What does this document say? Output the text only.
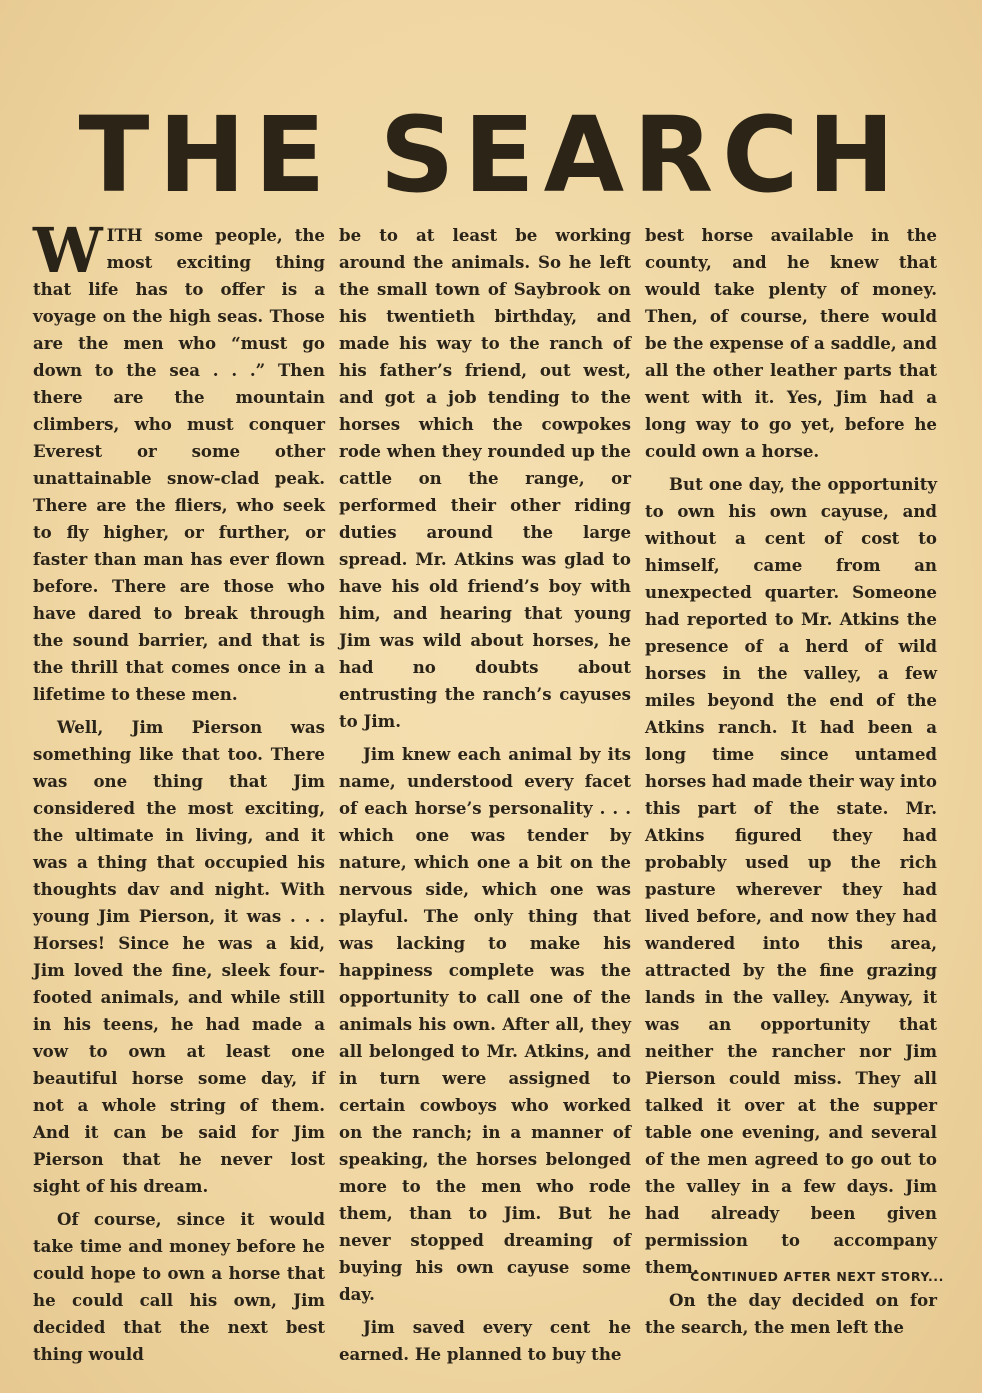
THE SEARCH

WITH some people, the most exciting thing that life has to offer is a voyage on the high seas. Those are the men who “must go down to the sea . . .” Then there are the mountain climbers, who must conquer Everest or some other unattainable snow-clad peak. There are the fliers, who seek to fly higher, or further, or faster than man has ever flown before. There are those who have dared to break through the sound barrier, and that is the thrill that comes once in a lifetime to these men.

Well, Jim Pierson was something like that too. There was one thing that Jim considered the most exciting, the ultimate in living, and it was a thing that occupied his thoughts dav and night. With young Jim Pierson, it was . . . Horses! Since he was a kid, Jim loved the fine, sleek four-footed animals, and while still in his teens, he had made a vow to own at least one beautiful horse some day, if not a whole string of them. And it can be said for Jim Pierson that he never lost sight of his dream.

Of course, since it would take time and money before he could hope to own a horse that he could call his own, Jim decided that the next best thing would

be to at least be working around the animals. So he left the small town of Saybrook on his twentieth birthday, and made his way to the ranch of his father’s friend, out west, and got a job tending to the horses which the cowpokes rode when they rounded up the cattle on the range, or performed their other riding duties around the large spread. Mr. Atkins was glad to have his old friend’s boy with him, and hearing that young Jim was wild about horses, he had no doubts about entrusting the ranch’s cayuses to Jim.

Jim knew each animal by its name, understood every facet of each horse’s personality . . . which one was tender by nature, which one a bit on the nervous side, which one was playful. The only thing that was lacking to make his happiness complete was the opportunity to call one of the animals his own. After all, they all belonged to Mr. Atkins, and in turn were assigned to certain cowboys who worked on the ranch; in a manner of speaking, the horses belonged more to the men who rode them, than to Jim. But he never stopped dreaming of buying his own cayuse some day.

Jim saved every cent he earned. He planned to buy the

best horse available in the county, and he knew that would take plenty of money. Then, of course, there would be the expense of a saddle, and all the other leather parts that went with it. Yes, Jim had a long way to go yet, before he could own a horse.

But one day, the opportunity to own his own cayuse, and without a cent of cost to himself, came from an unexpected quarter. Someone had reported to Mr. Atkins the presence of a herd of wild horses in the valley, a few miles beyond the end of the Atkins ranch. It had been a long time since untamed horses had made their way into this part of the state. Mr. Atkins figured they had probably used up the rich pasture wherever they had lived before, and now they had wandered into this area, attracted by the fine grazing lands in the valley. Anyway, it was an opportunity that neither the rancher nor Jim Pierson could miss. They all talked it over at the supper table one evening, and several of the men agreed to go out to the valley in a few days. Jim had already been given permission to accompany them.

On the day decided on for the search, the men left the

CONTINUED AFTER NEXT STORY...
